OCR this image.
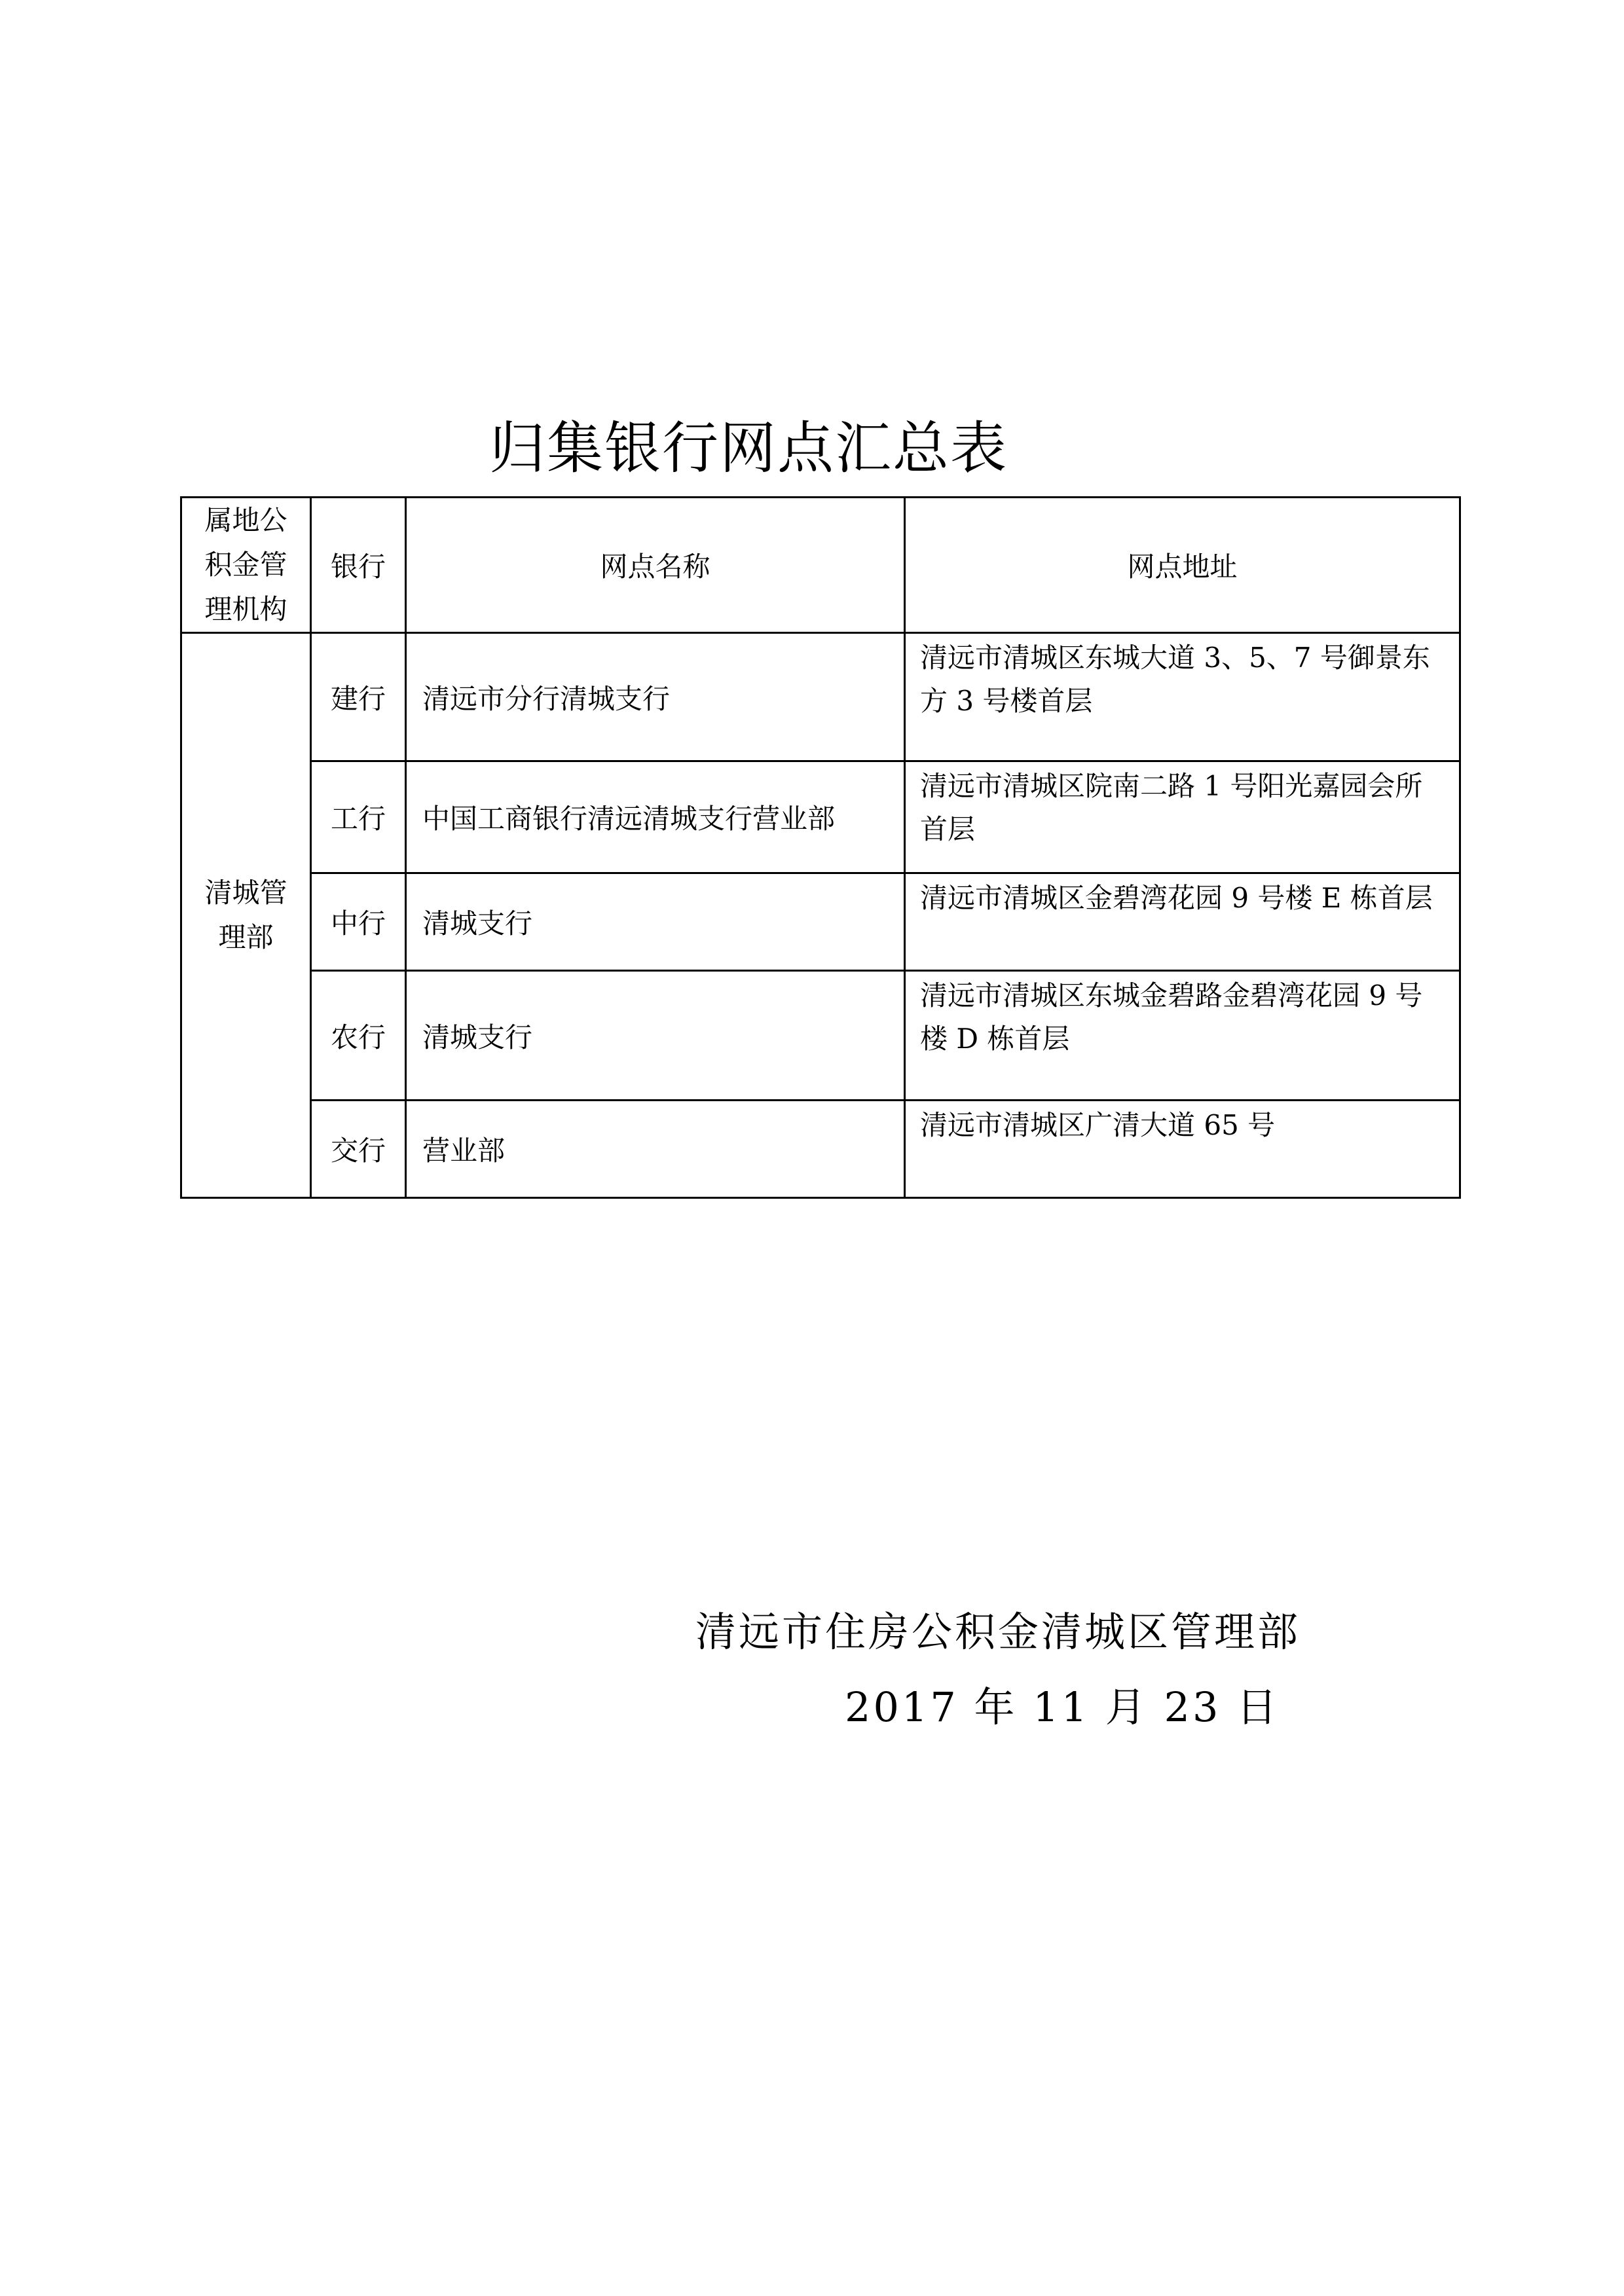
归集银行网点汇总表
属地公积金管理机构	银行	网点名称	网点地址
清城管理部	建行	清远市分行清城支行	清远市清城区东城大道 3、5、7 号御景东方 3 号楼首层
	工行	中国工商银行清远清城支行营业部	清远市清城区院南二路 1 号阳光嘉园会所首层
	中行	清城支行	清远市清城区金碧湾花园 9 号楼 E 栋首层
	农行	清城支行	清远市清城区东城金碧路金碧湾花园 9 号楼 D 栋首层
	交行	营业部	清远市清城区广清大道 65 号
清远市住房公积金清城区管理部
2017 年 11 月 23 日
